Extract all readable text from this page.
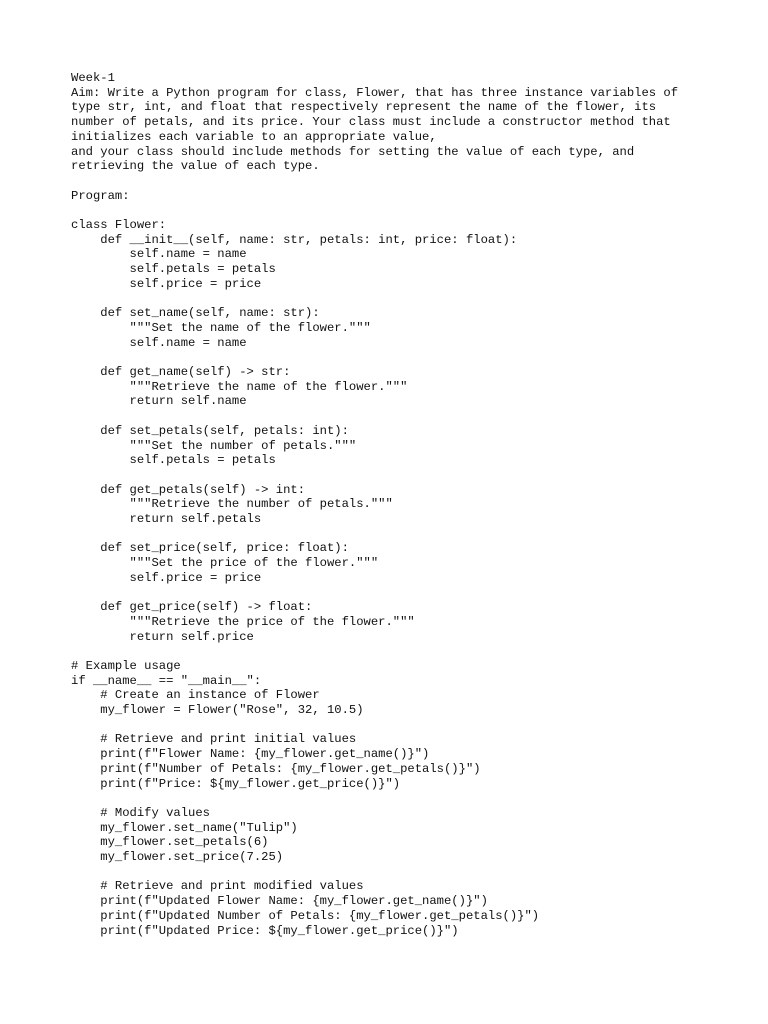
Week-1
Aim: Write a Python program for class, Flower, that has three instance variables of
type str, int, and float that respectively represent the name of the flower, its
number of petals, and its price. Your class must include a constructor method that
initializes each variable to an appropriate value,
and your class should include methods for setting the value of each type, and
retrieving the value of each type.
Program:
class Flower:
def __init__(self, name: str, petals: int, price: float):
self.name = name
self.petals = petals
self.price = price
def set_name(self, name: str):
"""Set the name of the flower."""
self.name = name
def get_name(self) -> str:
"""Retrieve the name of the flower."""
return self.name
def set_petals(self, petals: int):
"""Set the number of petals."""
self.petals = petals
def get_petals(self) -> int:
"""Retrieve the number of petals."""
return self.petals
def set_price(self, price: float):
"""Set the price of the flower."""
self.price = price
def get_price(self) -> float:
"""Retrieve the price of the flower."""
return self.price
# Example usage
if __name__ == "__main__":
# Create an instance of Flower
my_flower = Flower("Rose", 32, 10.5)
# Retrieve and print initial values
print(f"Flower Name: {my_flower.get_name()}")
print(f"Number of Petals: {my_flower.get_petals()}")
print(f"Price: ${my_flower.get_price()}")
# Modify values
my_flower.set_name("Tulip")
my_flower.set_petals(6)
my_flower.set_price(7.25)
# Retrieve and print modified values
print(f"Updated Flower Name: {my_flower.get_name()}")
print(f"Updated Number of Petals: {my_flower.get_petals()}")
print(f"Updated Price: ${my_flower.get_price()}")
